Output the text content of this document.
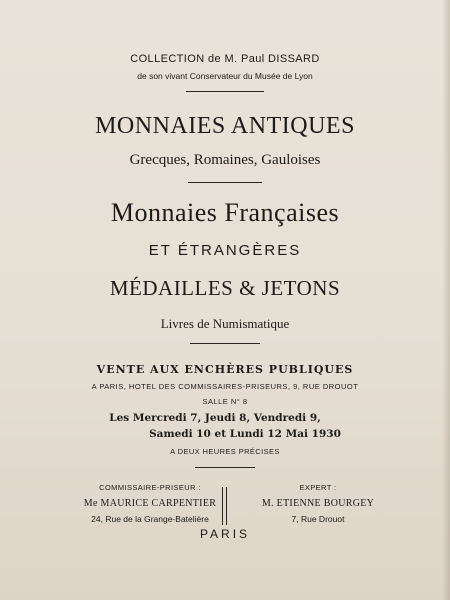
COLLECTION de M. Paul DISSARD
de son vivant Conservateur du Musée de Lyon
MONNAIES ANTIQUES
Grecques, Romaines, Gauloises
Monnaies Françaises
ET ÉTRANGÈRES
MÉDAILLES & JETONS
Livres de Numismatique
VENTE AUX ENCHÈRES PUBLIQUES
A PARIS, HOTEL DES COMMISSAIRES-PRISEURS, 9, RUE DROUOT
SALLE N° 8
Les Mercredi 7, Jeudi 8, Vendredi 9,
Samedi 10 et Lundi 12 Mai 1930
A DEUX HEURES PRÉCISES
COMMISSAIRE-PRISEUR :
Me MAURICE CARPENTIER
24, Rue de la Grange-Batelière
EXPERT :
M. ETIENNE BOURGEY
7, Rue Drouot
PARIS
